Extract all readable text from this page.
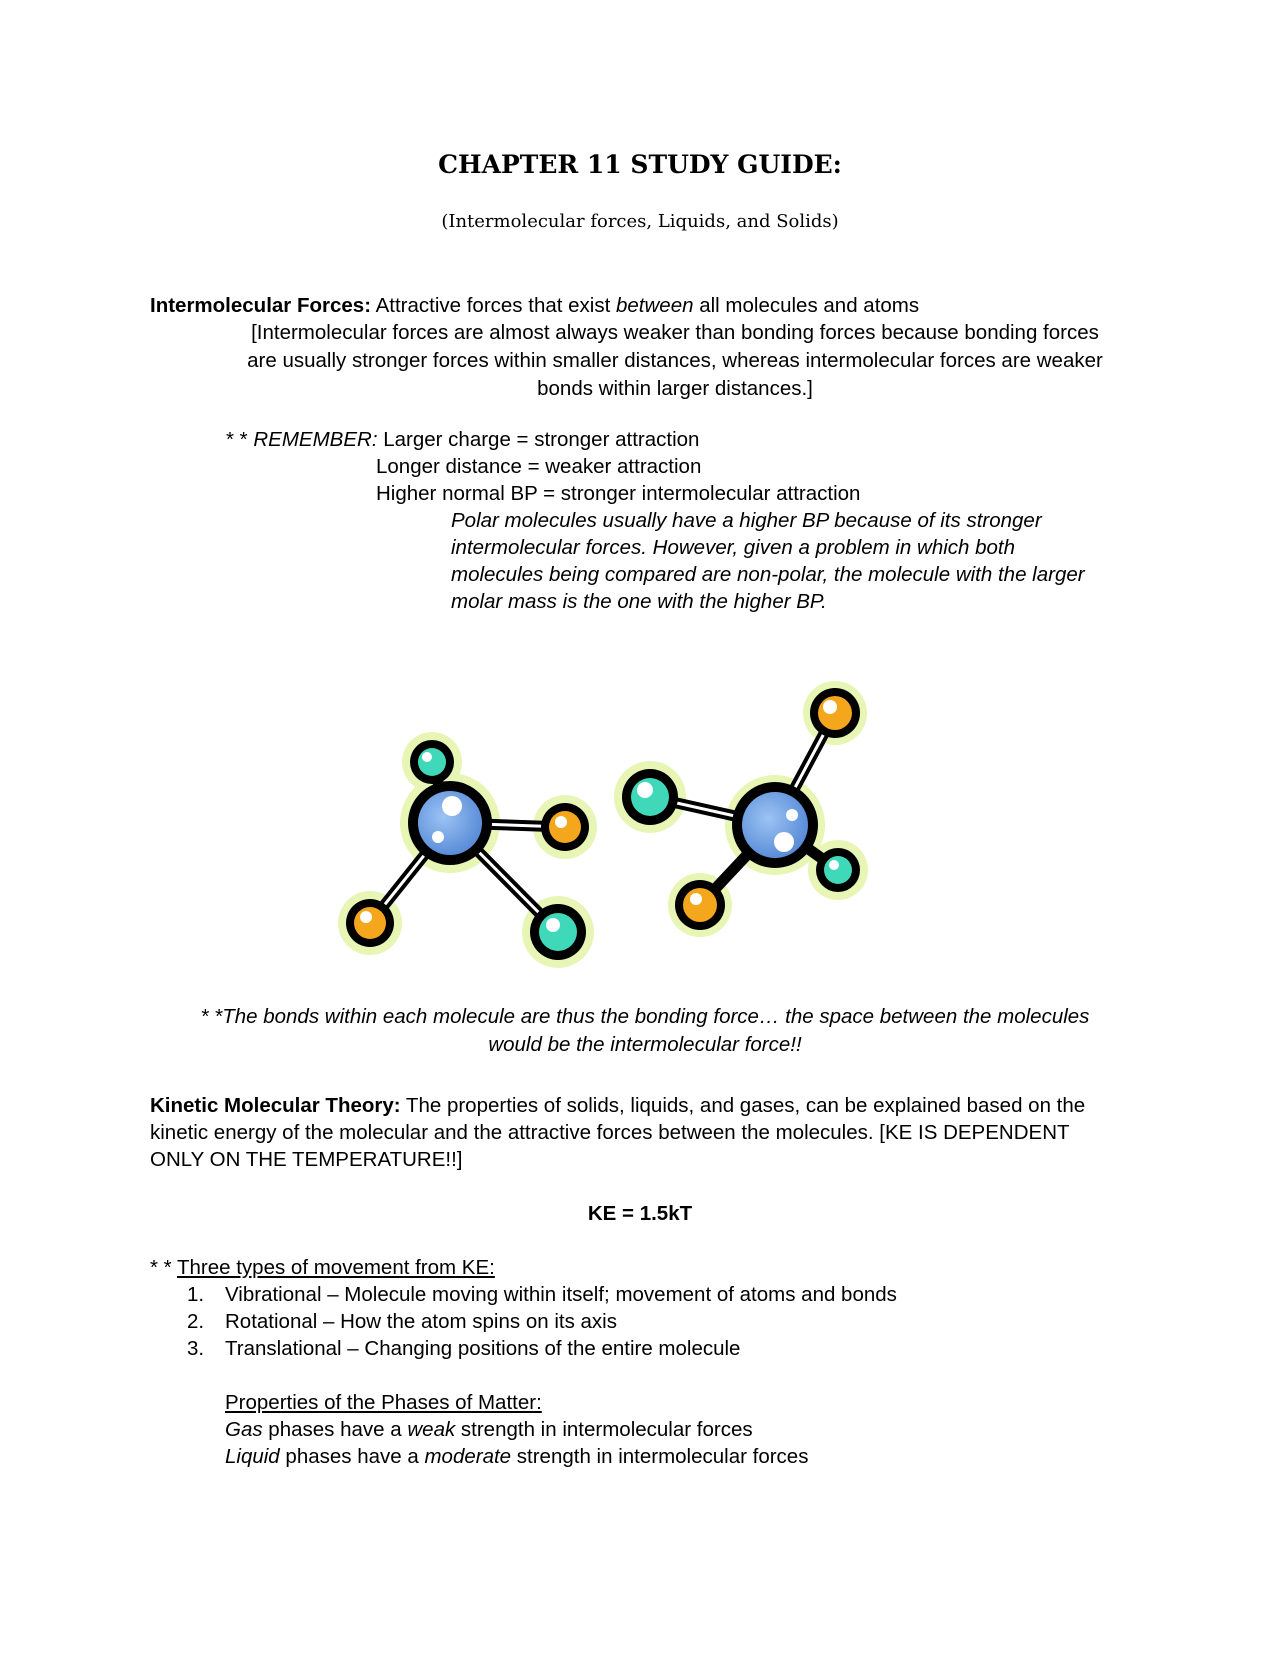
CHAPTER 11 STUDY GUIDE:
(Intermolecular forces, Liquids, and Solids)
Intermolecular Forces: Attractive forces that exist between all molecules and atoms
[Intermolecular forces are almost always weaker than bonding forces because bonding forces
are usually stronger forces within smaller distances, whereas intermolecular forces are weaker
bonds within larger distances.]
* * REMEMBER: Larger charge = stronger attraction
Longer distance = weaker attraction
Higher normal BP = stronger intermolecular attraction
Polar molecules usually have a higher BP because of its stronger
intermolecular forces. However, given a problem in which both
molecules being compared are non-polar, the molecule with the larger
molar mass is the one with the higher BP.
* *The bonds within each molecule are thus the bonding force… the space between the molecules
would be the intermolecular force!!
Kinetic Molecular Theory: The properties of solids, liquids, and gases, can be explained based on the
kinetic energy of the molecular and the attractive forces between the molecules. [KE IS DEPENDENT
ONLY ON THE TEMPERATURE!!]
KE = 1.5kT
* * Three types of movement from KE:
1. Vibrational – Molecule moving within itself; movement of atoms and bonds
2. Rotational – How the atom spins on its axis
3. Translational – Changing positions of the entire molecule
Properties of the Phases of Matter:
Gas phases have a weak strength in intermolecular forces
Liquid phases have a moderate strength in intermolecular forces
